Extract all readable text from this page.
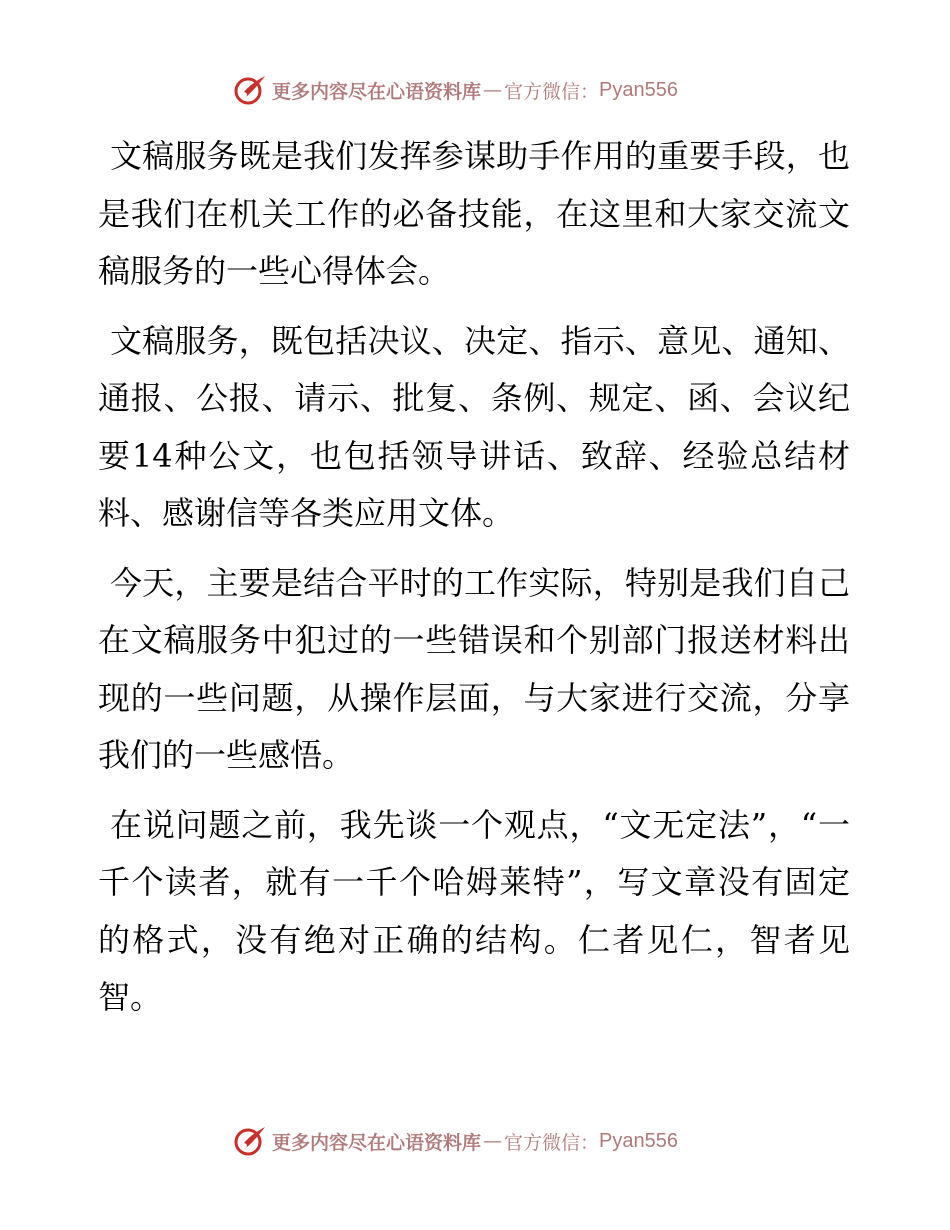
更多内容尽在心语资料库 — 官方微信： Pyan556

文稿服务既是我们发挥参谋助手作用的重要手段，也是我们在机关工作的必备技能，在这里和大家交流文稿服务的一些心得体会。

文稿服务，既包括决议、决定、指示、意见、通知、通报、公报、请示、批复、条例、规定、函、会议纪要14种公文，也包括领导讲话、致辞、经验总结材料、感谢信等各类应用文体。

今天，主要是结合平时的工作实际，特别是我们自己在文稿服务中犯过的一些错误和个别部门报送材料出现的一些问题，从操作层面，与大家进行交流，分享我们的一些感悟。

在说问题之前，我先谈一个观点，“文无定法”，“一千个读者，就有一千个哈姆莱特”，写文章没有固定的格式，没有绝对正确的结构。仁者见仁，智者见智。

更多内容尽在心语资料库 — 官方微信： Pyan556
